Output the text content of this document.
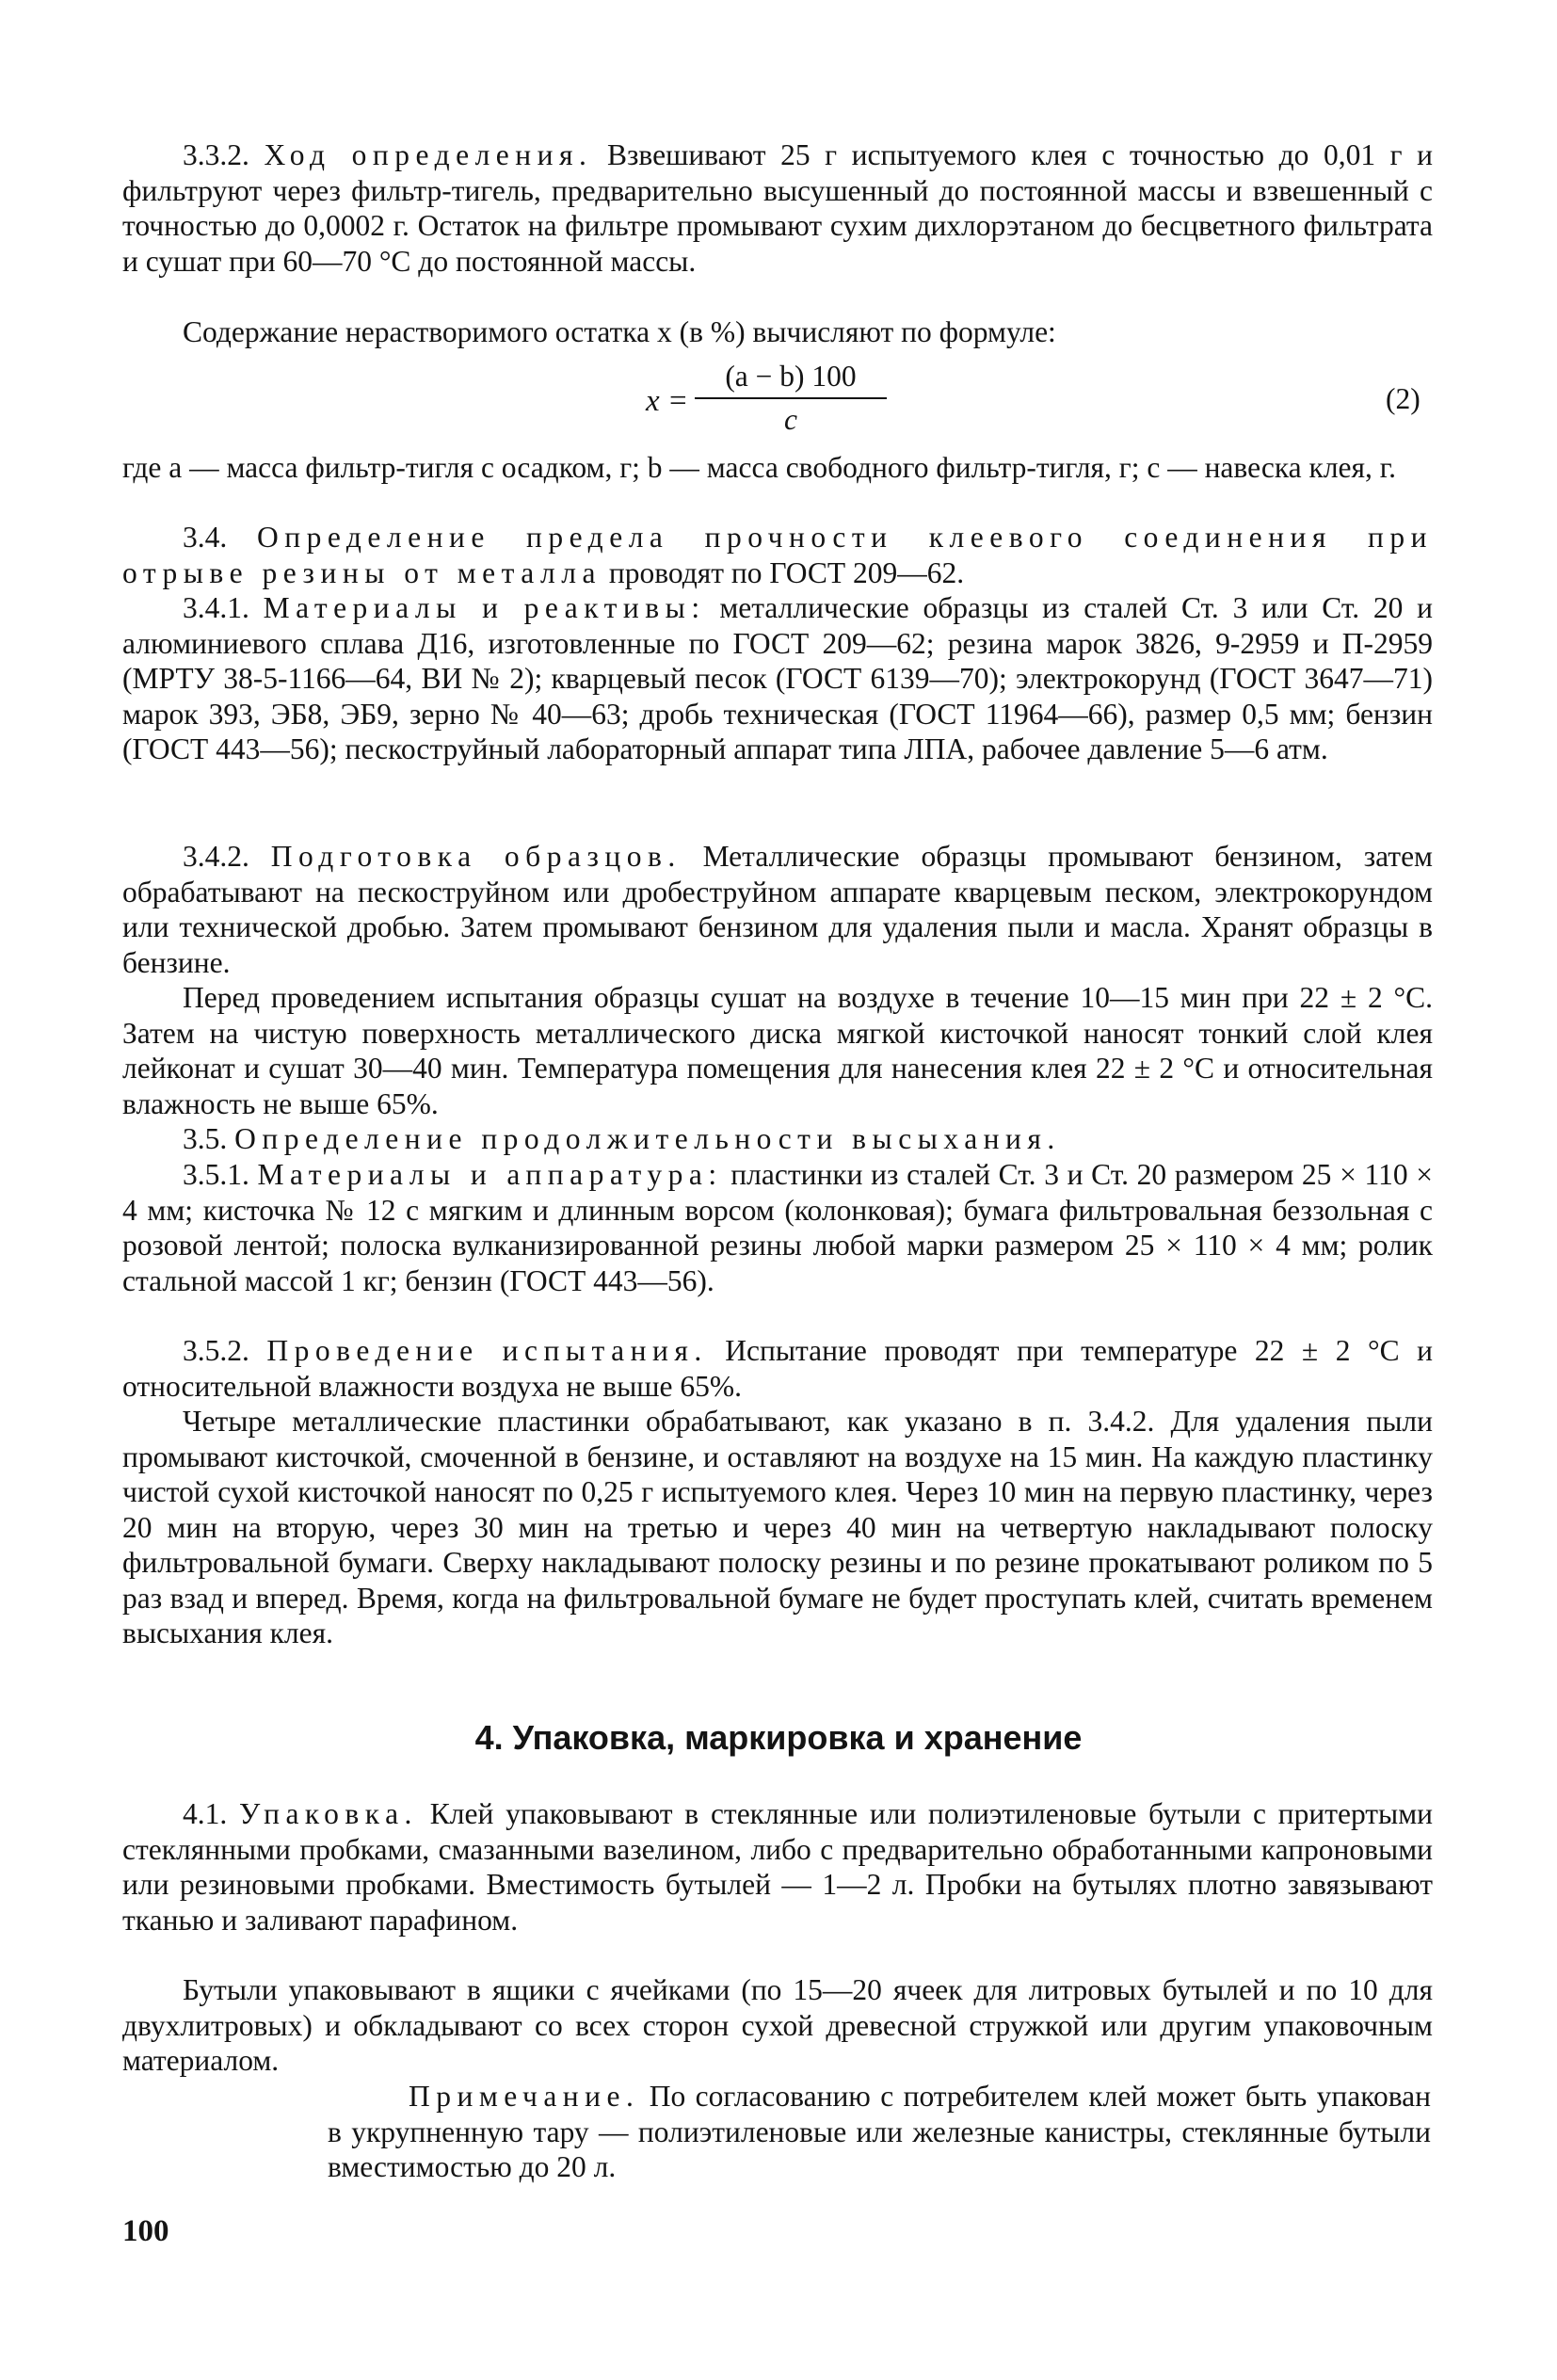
3.3.2. Ход определения. Взвешивают 25 г испытуемого клея с точностью до 0,01 г и фильтруют через фильтр-тигель, предварительно высушенный до постоянной массы и взвешенный с точностью до 0,0002 г. Остаток на фильтре промывают сухим дихлорэтаном до бесцветного фильтрата и сушат при 60—70 °С до постоянной массы.

Содержание нерастворимого остатка x (в %) вычисляют по формуле:

x =
(a − b) 100
c
(2)

где a — масса фильтр-тигля с осадком, г; b — масса свободного фильтр-тигля, г; c — навеска клея, г.

3.4. Определение предела прочности клеевого соединения при отрыве резины от металла проводят по ГОСТ 209—62.

3.4.1. Материалы и реактивы: металлические образцы из сталей Ст. 3 или Ст. 20 и алюминиевого сплава Д16, изготовленные по ГОСТ 209—62; резина марок 3826, 9-2959 и П-2959 (МРТУ 38-5-1166—64, ВИ № 2); кварцевый песок (ГОСТ 6139—70); электрокорунд (ГОСТ 3647—71) марок 393, ЭБ8, ЭБ9, зерно № 40—63; дробь техническая (ГОСТ 11964—66), размер 0,5 мм; бензин (ГОСТ 443—56); пескоструйный лабораторный аппарат типа ЛПА, рабочее давление 5—6 атм.

3.4.2. Подготовка образцов. Металлические образцы промывают бензином, затем обрабатывают на пескоструйном или дробеструйном аппарате кварцевым песком, электрокорундом или технической дробью. Затем промывают бензином для удаления пыли и масла. Хранят образцы в бензине.

Перед проведением испытания образцы сушат на воздухе в течение 10—15 мин при 22 ± 2 °С. Затем на чистую поверхность металлического диска мягкой кисточкой наносят тонкий слой клея лейконат и сушат 30—40 мин. Температура помещения для нанесения клея 22 ± 2 °С и относительная влажность не выше 65%.

3.5. Определение продолжительности высыхания.

3.5.1. Материалы и аппаратура: пластинки из сталей Ст. 3 и Ст. 20 размером 25 × 110 × 4 мм; кисточка № 12 с мягким и длинным ворсом (колонковая); бумага фильтровальная беззольная с розовой лентой; полоска вулканизированной резины любой марки размером 25 × 110 × 4 мм; ролик стальной массой 1 кг; бензин (ГОСТ 443—56).

3.5.2. Проведение испытания. Испытание проводят при температуре 22 ± 2 °С и относительной влажности воздуха не выше 65%.

Четыре металлические пластинки обрабатывают, как указано в п. 3.4.2. Для удаления пыли промывают кисточкой, смоченной в бензине, и оставляют на воздухе на 15 мин. На каждую пластинку чистой сухой кисточкой наносят по 0,25 г испытуемого клея. Через 10 мин на первую пластинку, через 20 мин на вторую, через 30 мин на третью и через 40 мин на четвертую накладывают полоску фильтровальной бумаги. Сверху накладывают полоску резины и по резине прокатывают роликом по 5 раз взад и вперед. Время, когда на фильтровальной бумаге не будет проступать клей, считать временем высыхания клея.

4. Упаковка, маркировка и хранение

4.1. Упаковка. Клей упаковывают в стеклянные или полиэтиленовые бутыли с притертыми стеклянными пробками, смазанными вазелином, либо с предварительно обработанными капроновыми или резиновыми пробками. Вместимость бутылей — 1—2 л. Пробки на бутылях плотно завязывают тканью и заливают парафином.

Бутыли упаковывают в ящики с ячейками (по 15—20 ячеек для литровых бутылей и по 10 для двухлитровых) и обкладывают со всех сторон сухой древесной стружкой или другим упаковочным материалом.

Примечание. По согласованию с потребителем клей может быть упакован в укрупненную тару — полиэтиленовые или железные канистры, стеклянные бутыли вместимостью до 20 л.

100
